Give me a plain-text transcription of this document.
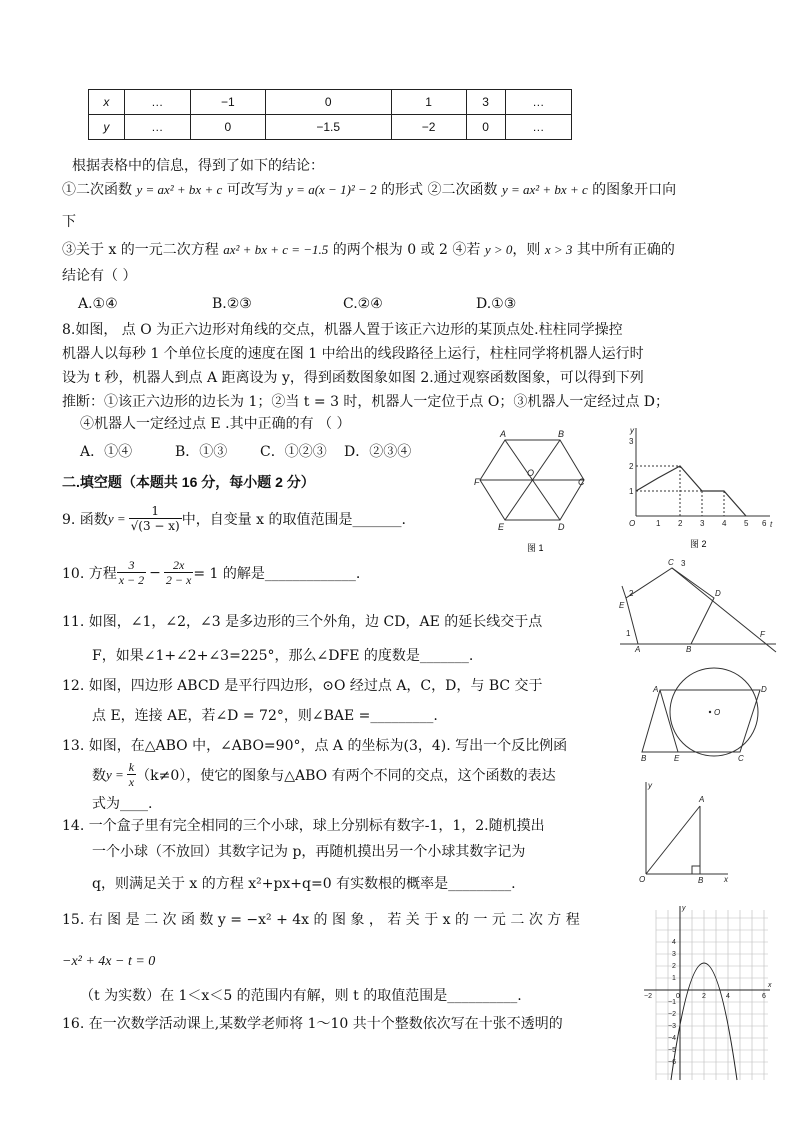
x	…	−1	0	1	3	…
y	…	0	−1.5	−2	0	…
根据表格中的信息，得到了如下的结论：
①二次函数 y = ax² + bx + c 可改写为 y = a(x − 1)² − 2 的形式 ②二次函数 y = ax² + bx + c 的图象开口向
下
③关于 x 的一元二次方程 ax² + bx + c = −1.5 的两个根为 0 或 2 ④若 y > 0，则 x > 3 其中所有正确的
结论有（ ）
A.①④	B.②③	C.②④	D.①③
8.如图， 点 O 为正六边形对角线的交点，机器人置于该正六边形的某顶点处.柱柱同学操控
机器人以每秒 1 个单位长度的速度在图 1 中给出的线段路径上运行，柱柱同学将机器人运行时
设为 t 秒，机器人到点 A 距离设为 y，得到函数图象如图 2.通过观察函数图象，可以得到下列
推断：①该正六边形的边长为 1；②当 t = 3 时，机器人一定位于点 O；③机器人一定经过点 D；
④机器人一定经过点 E .其中正确的有 （ ）
A．①④	B．①③ C．①②③ D．②③④
A	B
C
D
E
F
O
图 1
y
t
O	1 2 3 4 5 6
1
2
3
图 2
二.填空题（本题共 16 分，每小题 2 分）
9. 函数 $y = \frac{1}{√(3 - x)}$ 中，自变量 x 的取值范围是_______.
10. 方程
3
$x - 2 - \frac{2x}{2 - x} = 1$ 的解是_____________.
11. 如图，∠1，∠2，∠3 是多边形的三个外角，边 CD，AE 的延长线交于点
F，如果∠1+∠2+∠3=225°，那么∠DFE 的度数是_______.
C 3
D
2
E
1
A	B
F
12. 如图，四边形 ABCD 是平行四边形，⊙O 经过点 A，C，D，与 BC 交于
点 E，连接 AE，若∠D = 72°，则∠BAE =_________.
A	D
O
B	E	C
13. 如图，在△ABO 中，∠ABO=90°，点 A 的坐标为(3，4). 写出一个反比例函
数 $y = \frac{k}{x} (k\ne 0)$，使它的图象与△ABO 有两个不同的交点，这个函数的表达
式为____.	A
y
O	B	x
14. 一个盒子里有完全相同的三个小球，球上分别标有数字-1，1，2.随机摸出
一个小球（不放回）其数字记为 p，再随机摸出另一个小球其数字记为
q，则满足关于 x 的方程 x²+px+q=0 有实数根的概率是_________.
15. 右 图 是 二 次 函 数 y = −x² + 4x 的 图 象 ， 若 关 于 x 的 一 元 二 次 方 程
−x² + 4x − t = 0
（t 为实数）在 1＜x＜5 的范围内有解，则 t 的取值范围是__________.
y
x
−2	0	2	4	6
4
3
2
1
−1
−2
−3
−4
−5
−6
16. 在一次数学活动课上,某数学老师将 1～10 共十个整数依次写在十张不透明的
